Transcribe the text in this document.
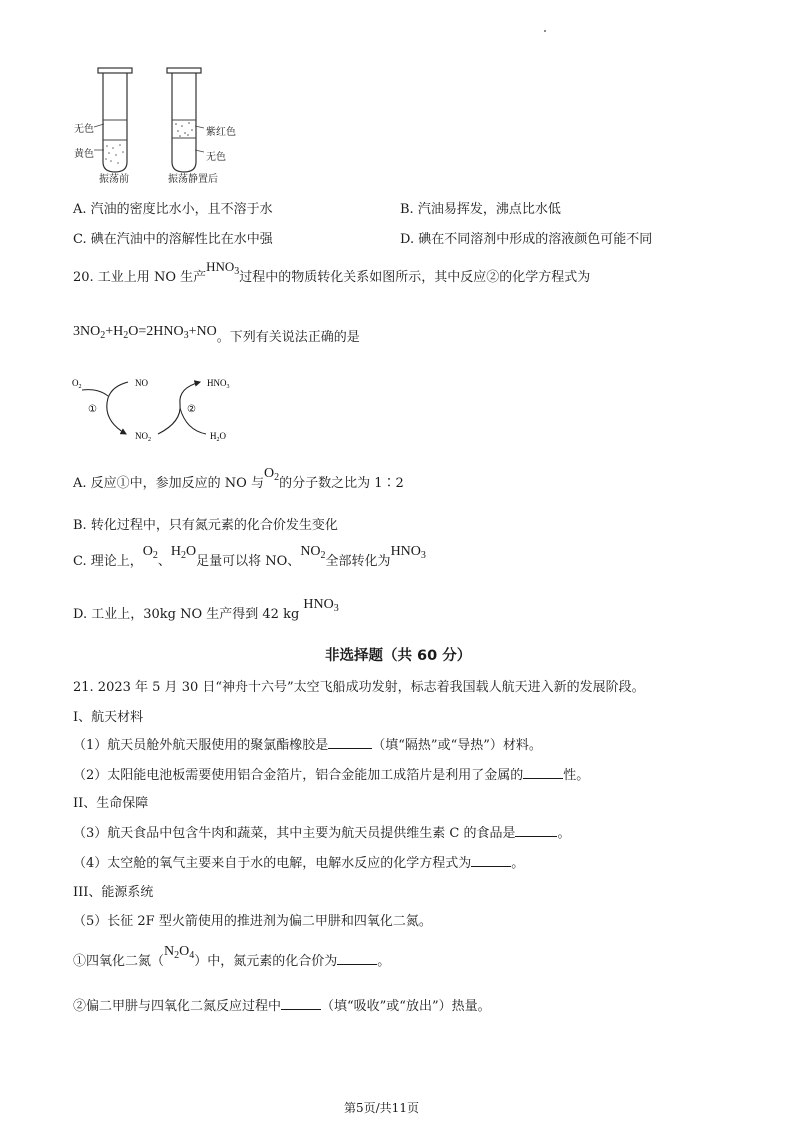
无色
黄色
紫红色
无色
振荡前	振荡静置后
A. 汽油的密度比水小，且不溶于水	B. 汽油易挥发，沸点比水低
C. 碘在汽油中的溶解性比在水中强	D. 碘在不同溶剂中形成的溶液颜色可能不同
20. 工业上用 NO 生产$HNO_3$过程中的物质转化关系如图所示，其中反应②的化学方程式为
$3NO_2+H_2O=2HNO_3+NO$。下列有关说法正确的是
$O_2$	NO	$HNO_3$
$NO_2$	$H_2O$
①	②
A. 反应①中，参加反应的 NO 与$O_2$的分子数之比为 1∶2
B. 转化过程中，只有氮元素的化合价发生变化
C. 理论上，$O_2$、$H_2O$足量可以将 NO、$NO_2$全部转化为$HNO_3$
D. 工业上，30kg NO 生产得到 42 kg $HNO_3$
非选择题（共 60 分）
21. 2023 年 5 月 30 日“神舟十六号”太空飞船成功发射，标志着我国载人航天进入新的发展阶段。
Ⅰ、航天材料
（1）航天员舱外航天服使用的聚氯酯橡胶是	（填“隔热”或“导热”）材料。
（2）太阳能电池板需要使用铝合金箔片，铝合金能加工成箔片是利用了金属的	性。
II、生命保障
（3）航天食品中包含牛肉和蔬菜，其中主要为航天员提供维生素 C 的食品是	。
（4）太空舱的氧气主要来自于水的电解，电解水反应的化学方程式为	。
III、能源系统
（5）长征 2F 型火箭使用的推进剂为偏二甲肼和四氧化二氮。
①四氧化二氮$(N_2O_4)$中，氮元素的化合价为	。
②偏二甲肼与四氧化二氮反应过程中	（填“吸收”或“放出”）热量。
第5页/共11页
